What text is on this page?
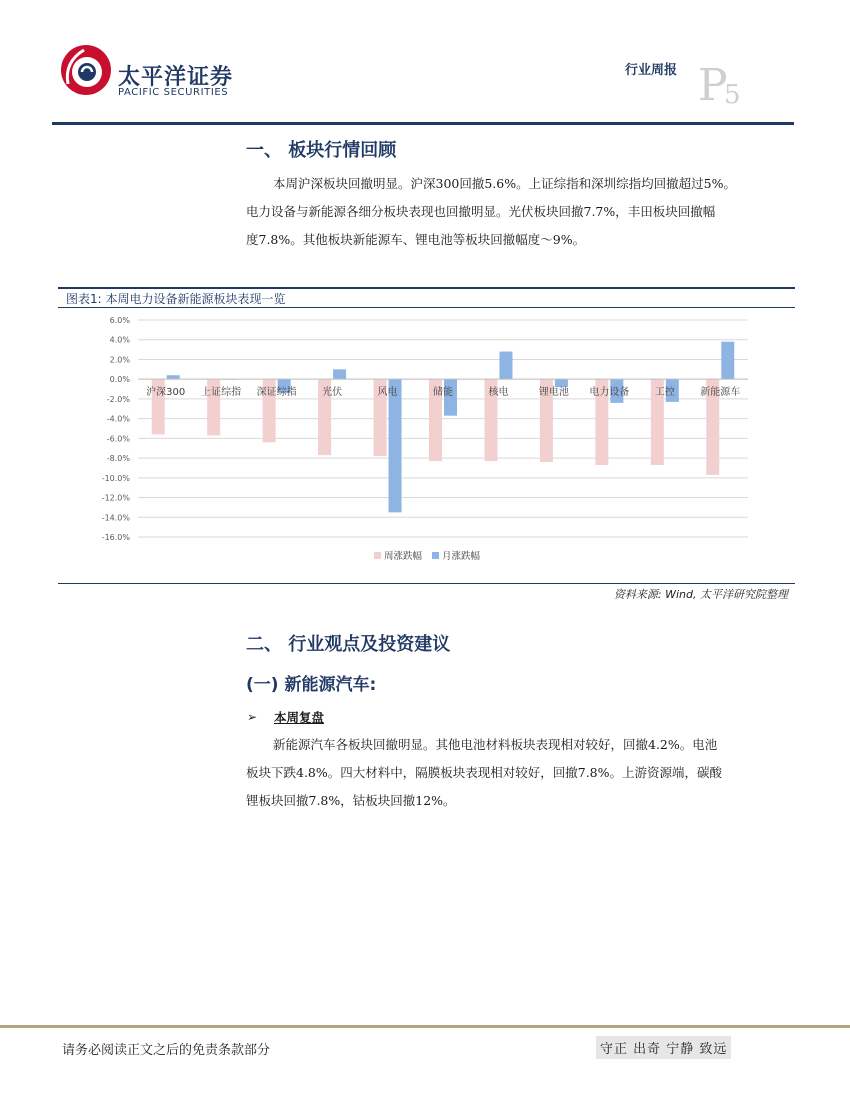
太平洋证券
PACIFIC SECURITIES
行业周报 P
5
一、 板块行情回顾
本周沪深板块回撤明显。沪深300回撤5.6%。上证综指和深圳综指均回撤超过5%。
电力设备与新能源各细分板块表现也回撤明显。光伏板块回撤7.7%，丰田板块回撤幅
度7.8%。其他板块新能源车、锂电池等板块回撤幅度～9%。
图表1: 本周电力设备新能源板块表现一览
6.0%
4.0%
2.0%
0.0%
-2.0%
-4.0%
-6.0%
-8.0%
-10.0%
-12.0%
-14.0%
-16.0%
沪深300 上证综指 深证综指	光伏	风电	储能	核电	锂电池 电力设备	工控	新能源车
周涨跌幅 月涨跌幅
资料来源: Wind, 太平洋研究院整理
二、 行业观点及投资建议
(一) 新能源汽车:
➢ 本周复盘
新能源汽车各板块回撤明显。其他电池材料板块表现相对较好，回撤4.2%。电池
板块下跌4.8%。四大材料中，隔膜板块表现相对较好，回撤7.8%。上游资源端，碳酸
锂板块回撤7.8%，钴板块回撤12%。
请务必阅读正文之后的免责条款部分	守正 出奇 宁静 致远
